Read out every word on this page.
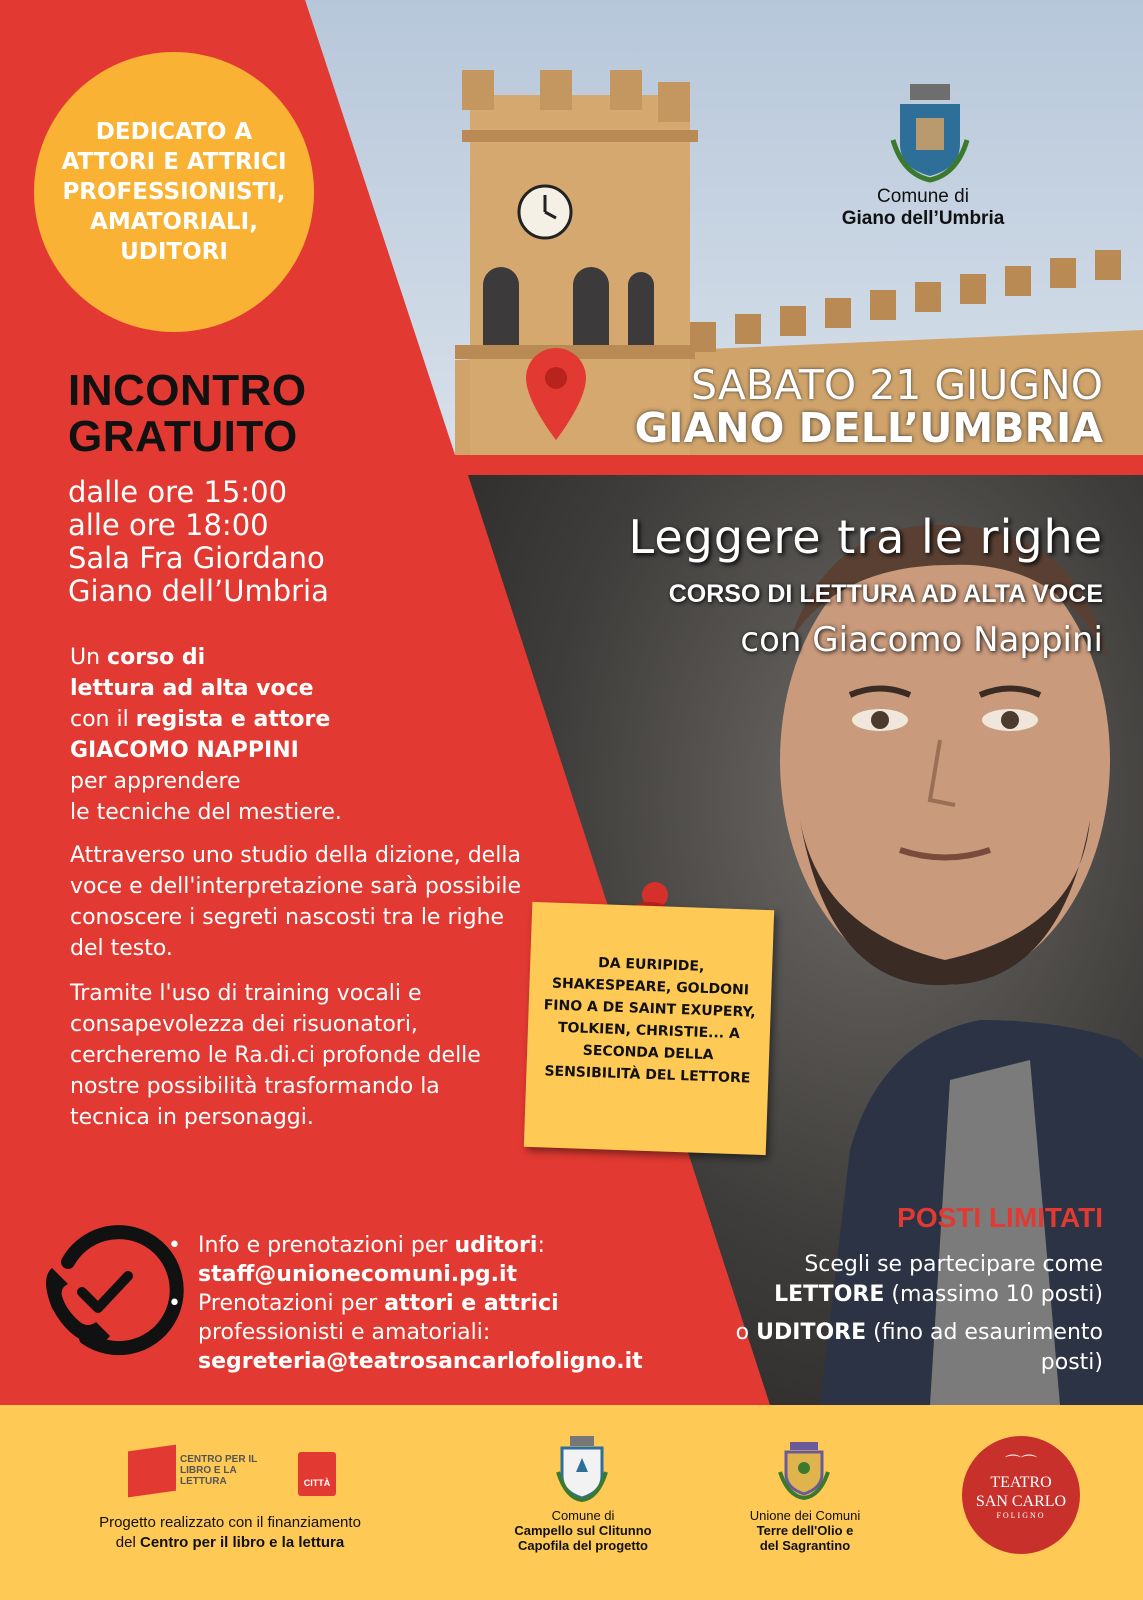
DEDICATO A ATTORI E ATTRICI PROFESSIONISTI, AMATORIALI, UDITORI
INCONTRO
GRATUITO
dalle ore 15:00
alle ore 18:00
Sala Fra Giordano
Giano dell’Umbria
Un corso di
lettura ad alta voce
con il regista e attore
GIACOMO NAPPINI
per apprendere
le tecniche del mestiere.
Attraverso uno studio della dizione, della voce e dell'interpretazione sarà possibile conoscere i segreti nascosti tra le righe del testo.
Tramite l'uso di training vocali e consapevolezza dei risuonatori, cercheremo le Ra.di.ci profonde delle nostre possibilità trasformando la tecnica in personaggi.
Comune di
Giano dell’Umbria
SABATO 21 GIUGNO
GIANO DELL’UMBRIA
Leggere tra le righe
CORSO DI LETTURA AD ALTA VOCE
con Giacomo Nappini
DA EURIPIDE, SHAKESPEARE, GOLDONI FINO A DE SAINT EXUPERY, TOLKIEN, CHRISTIE... A SECONDA DELLA SENSIBILITÀ DEL LETTORE
POSTI LIMITATI
Scegli se partecipare come
LETTORE (massimo 10 posti)
o UDITORE (fino ad esaurimento posti)
• Info e prenotazioni per uditori:
staff@unionecomuni.pg.it
• Prenotazioni per attori e attrici
professionisti e amatoriali:
segreteria@teatrosancarlofoligno.it
CENTRO PER IL LIBRO E LA LETTURA	CITTÀ
Progetto realizzato con il finanziamento
del Centro per il libro e la lettura
Comune di
Campello sul Clitunno
Capofila del progetto
Unione dei Comuni
Terre dell'Olio e
del Sagrantino
⌒⌒
TEATRO
SAN CARLO
FOLIGNO
